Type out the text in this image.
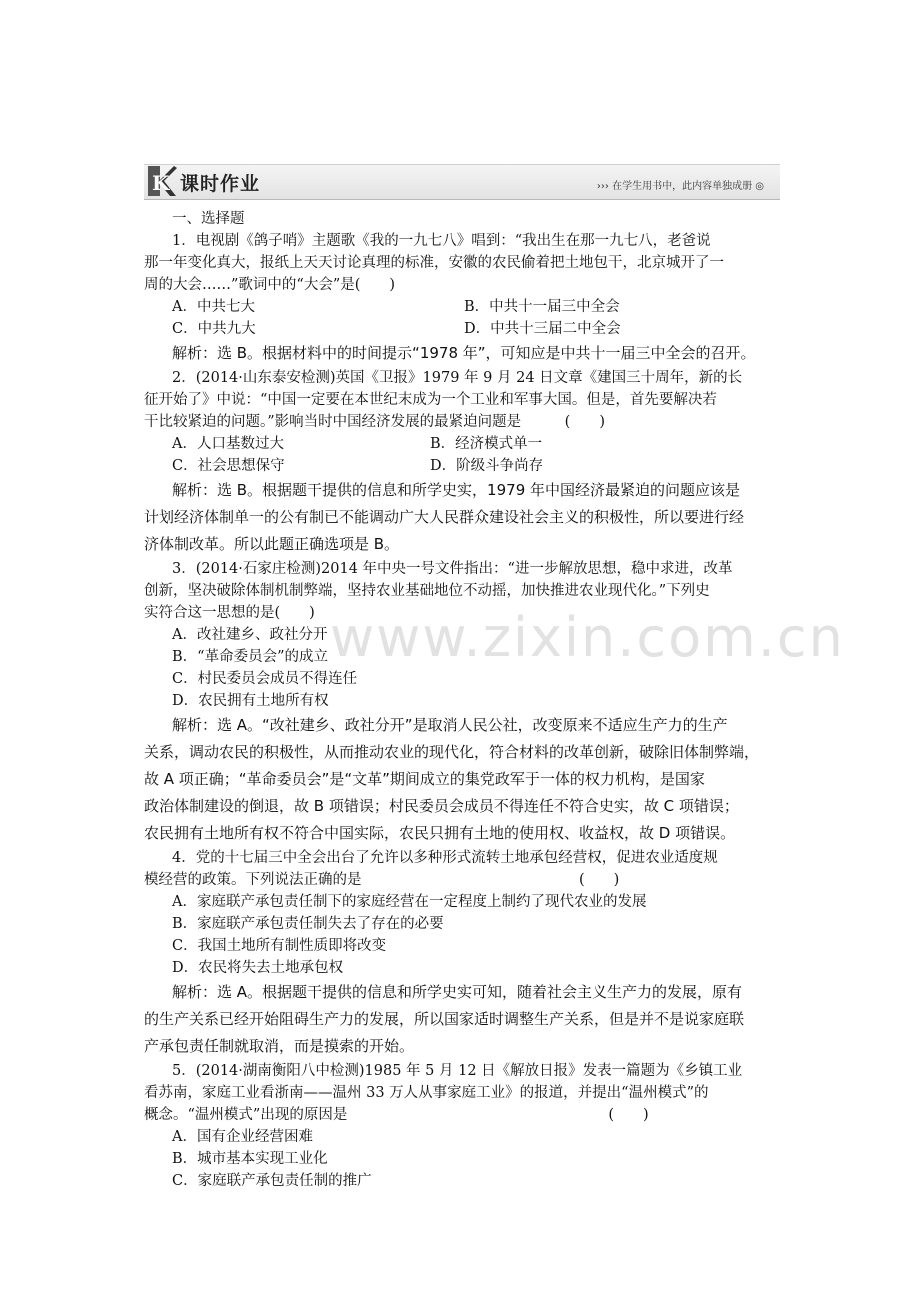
www.zixin.com.cn
K 课时作业	››› 在学生用书中，此内容单独成册 ◎

一、选择题

1．电视剧《鸽子哨》主题歌《我的一九七八》唱到：“我出生在那一九七八，老爸说

那一年变化真大，报纸上天天讨论真理的标准，安徽的农民偷着把土地包干，北京城开了一

周的大会……”歌词中的“大会”是(　　)

A．中共七大	B．中共十一届三中全会
C．中共九大	D．中共十三届二中全会

解析：选 B。根据材料中的时间提示“1978 年”，可知应是中共十一届三中全会的召开。

2．(2014·山东泰安检测)英国《卫报》1979 年 9 月 24 日文章《建国三十周年，新的长

征开始了》中说：“中国一定要在本世纪末成为一个工业和军事大国。但是，首先要解决若

干比较紧迫的问题。”影响当时中国经济发展的最紧迫问题是　　　(　　)

A．人口基数过大	B．经济模式单一
C．社会思想保守	D．阶级斗争尚存

解析：选 B。根据题干提供的信息和所学史实，1979 年中国经济最紧迫的问题应该是

计划经济体制单一的公有制已不能调动广大人民群众建设社会主义的积极性，所以要进行经

济体制改革。所以此题正确选项是 B。

3．(2014·石家庄检测)2014 年中央一号文件指出：“进一步解放思想，稳中求进，改革

创新，坚决破除体制机制弊端，坚持农业基础地位不动摇，加快推进农业现代化。”下列史

实符合这一思想的是(　　)

A．改社建乡、政社分开

B．“革命委员会”的成立

C．村民委员会成员不得连任

D．农民拥有土地所有权

解析：选 A。“改社建乡、政社分开”是取消人民公社，改变原来不适应生产力的生产

关系，调动农民的积极性，从而推动农业的现代化，符合材料的改革创新，破除旧体制弊端，

故 A 项正确；“革命委员会”是“文革”期间成立的集党政军于一体的权力机构，是国家

政治体制建设的倒退，故 B 项错误；村民委员会成员不得连任不符合史实，故 C 项错误；

农民拥有土地所有权不符合中国实际，农民只拥有土地的使用权、收益权，故 D 项错误。

4．党的十七届三中全会出台了允许以多种形式流转土地承包经营权，促进农业适度规

模经营的政策。下列说法正确的是　　　　　　　　　　　　　　　(　　)

A．家庭联产承包责任制下的家庭经营在一定程度上制约了现代农业的发展

B．家庭联产承包责任制失去了存在的必要

C．我国土地所有制性质即将改变

D．农民将失去土地承包权

解析：选 A。根据题干提供的信息和所学史实可知，随着社会主义生产力的发展，原有

的生产关系已经开始阻碍生产力的发展，所以国家适时调整生产关系，但是并不是说家庭联

产承包责任制就取消，而是摸索的开始。

5．(2014·湖南衡阳八中检测)1985 年 5 月 12 日《解放日报》发表一篇题为《乡镇工业

看苏南，家庭工业看浙南——温州 33 万人从事家庭工业》的报道，并提出“温州模式”的

概念。“温州模式”出现的原因是　　　　　　　　　　　　　　　　　　(　　)

A．国有企业经营困难

B．城市基本实现工业化

C．家庭联产承包责任制的推广
